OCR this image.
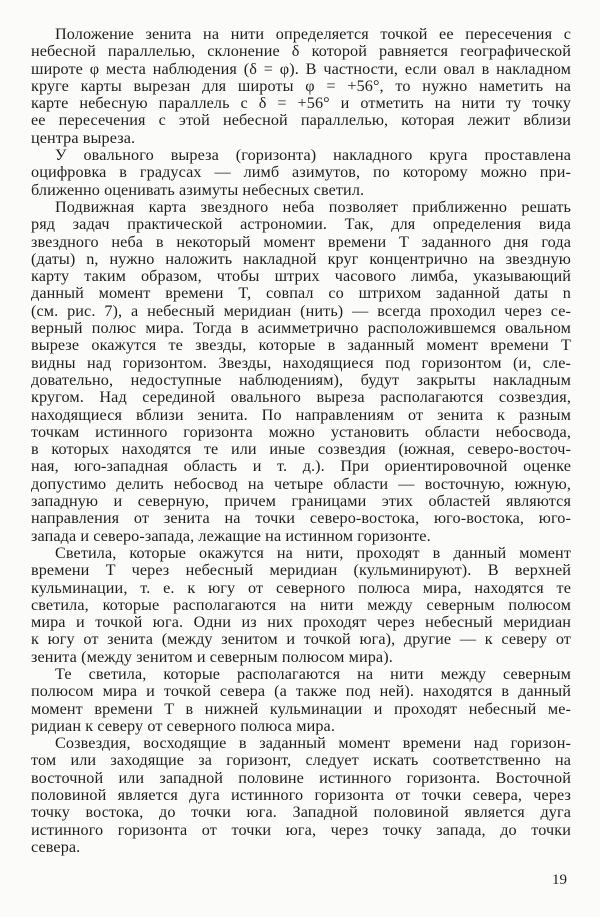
Положение зенита на нити определяется точкой ее пересечения с
небесной параллелью, склонение δ которой равняется географической
широте φ места наблюдения (δ = φ). В частности, если овал в накладном
круге карты вырезан для широты φ = +56°, то нужно наметить на
карте небесную параллель с δ = +56° и отметить на нити ту точку
ее пересечения с этой небесной параллелью, которая лежит вблизи
центра выреза.
У овального выреза (горизонта) накладного круга проставлена
оцифровка в градусах — лимб азимутов, по которому можно при-
ближенно оценивать азимуты небесных светил.
Подвижная карта звездного неба позволяет приближенно решать
ряд задач практической астрономии. Так, для определения вида
звездного неба в некоторый момент времени T заданного дня года
(даты) n, нужно наложить накладной круг концентрично на звездную
карту таким образом, чтобы штрих часового лимба, указывающий
данный момент времени T, совпал со штрихом заданной даты n
(см. рис. 7), а небесный меридиан (нить) — всегда проходил через се-
верный полюс мира. Тогда в асимметрично расположившемся овальном
вырезе окажутся те звезды, которые в заданный момент времени T
видны над горизонтом. Звезды, находящиеся под горизонтом (и, сле-
довательно, недоступные наблюдениям), будут закрыты накладным
кругом. Над серединой овального выреза располагаются созвездия,
находящиеся вблизи зенита. По направлениям от зенита к разным
точкам истинного горизонта можно установить области небосвода,
в которых находятся те или иные созвездия (южная, северо-восточ-
ная, юго-западная область и т. д.). При ориентировочной оценке
допустимо делить небосвод на четыре области — восточную, южную,
западную и северную, причем границами этих областей являются
направления от зенита на точки северо-востока, юго-востока, юго-
запада и северо-запада, лежащие на истинном горизонте.
Светила, которые окажутся на нити, проходят в данный момент
времени T через небесный меридиан (кульминируют). В верхней
кульминации, т. е. к югу от северного полюса мира, находятся те
светила, которые располагаются на нити между северным полюсом
мира и точкой юга. Одни из них проходят через небесный меридиан
к югу от зенита (между зенитом и точкой юга), другие — к северу от
зенита (между зенитом и северным полюсом мира).
Те светила, которые располагаются на нити между северным
полюсом мира и точкой севера (а также под ней). находятся в данный
момент времени T в нижней кульминации и проходят небесный ме-
ридиан к северу от северного полюса мира.
Созвездия, восходящие в заданный момент времени над горизон-
том или заходящие за горизонт, следует искать соответственно на
восточной или западной половине истинного горизонта. Восточной
половиной является дуга истинного горизонта от точки севера, через
точку востока, до точки юга. Западной половиной является дуга
истинного горизонта от точки юга, через точку запада, до точки
севера.
19
